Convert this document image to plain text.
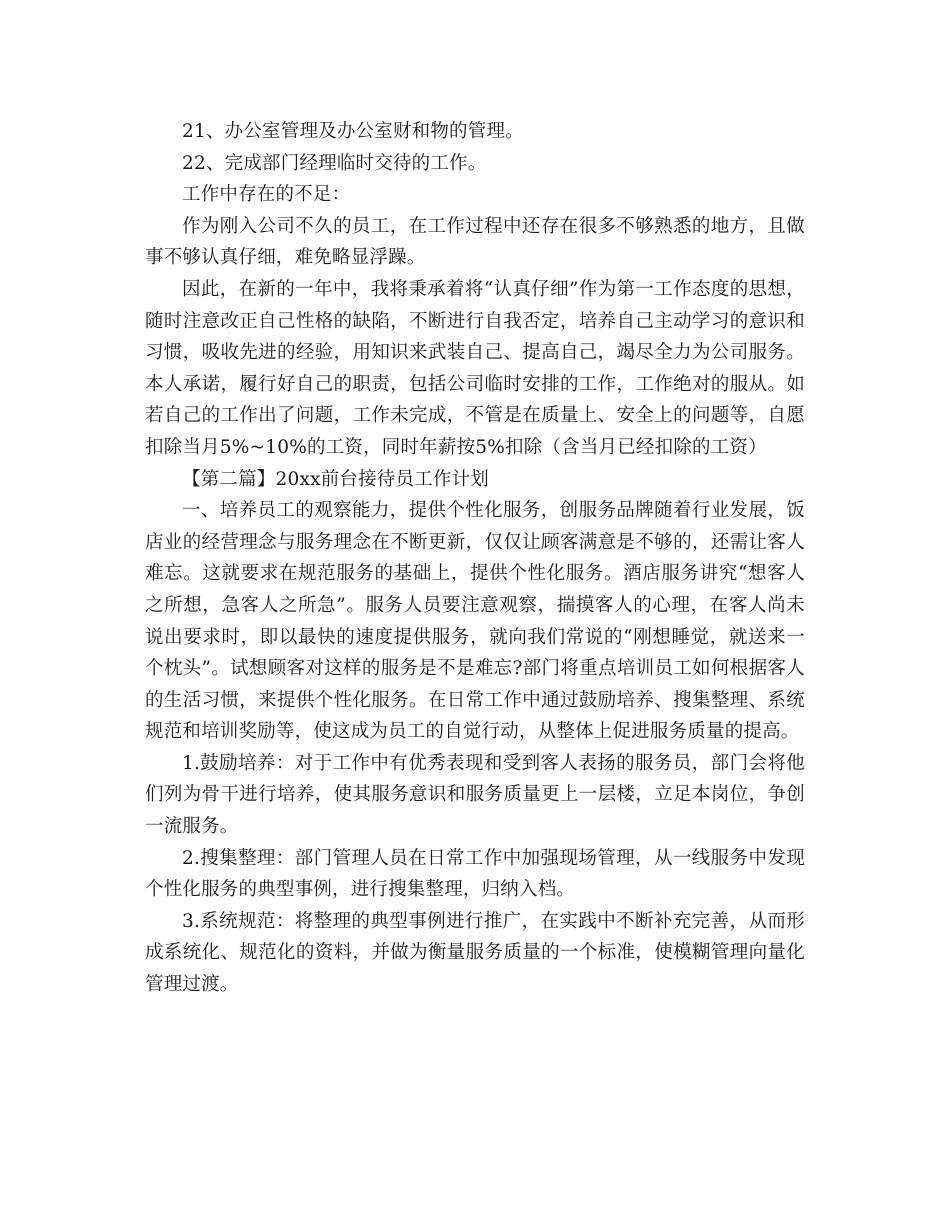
21、办公室管理及办公室财和物的管理。

22、完成部门经理临时交待的工作。

工作中存在的不足：

作为刚入公司不久的员工，在工作过程中还存在很多不够熟悉的地方，且做事不够认真仔细，难免略显浮躁。

因此，在新的一年中，我将秉承着将“认真仔细”作为第一工作态度的思想，随时注意改正自己性格的缺陷，不断进行自我否定，培养自己主动学习的意识和习惯，吸收先进的经验，用知识来武装自己、提高自己，竭尽全力为公司服务。本人承诺，履行好自己的职责，包括公司临时安排的工作，工作绝对的服从。如若自己的工作出了问题，工作未完成，不管是在质量上、安全上的问题等，自愿扣除当月5%~10%的工资，同时年薪按5%扣除（含当月已经扣除的工资）

【第二篇】20xx前台接待员工作计划

一、培养员工的观察能力，提供个性化服务，创服务品牌随着行业发展，饭店业的经营理念与服务理念在不断更新，仅仅让顾客满意是不够的，还需让客人难忘。这就要求在规范服务的基础上，提供个性化服务。酒店服务讲究“想客人之所想，急客人之所急”。服务人员要注意观察，揣摸客人的心理，在客人尚未说出要求时，即以最快的速度提供服务，就向我们常说的“刚想睡觉，就送来一个枕头”。试想顾客对这样的服务是不是难忘?部门将重点培训员工如何根据客人的生活习惯，来提供个性化服务。在日常工作中通过鼓励培养、搜集整理、系统规范和培训奖励等，使这成为员工的自觉行动，从整体上促进服务质量的提高。

1.鼓励培养：对于工作中有优秀表现和受到客人表扬的服务员，部门会将他们列为骨干进行培养，使其服务意识和服务质量更上一层楼，立足本岗位，争创一流服务。

2.搜集整理：部门管理人员在日常工作中加强现场管理，从一线服务中发现个性化服务的典型事例，进行搜集整理，归纳入档。

3.系统规范：将整理的典型事例进行推广，在实践中不断补充完善，从而形成系统化、规范化的资料，并做为衡量服务质量的一个标准，使模糊管理向量化管理过渡。
